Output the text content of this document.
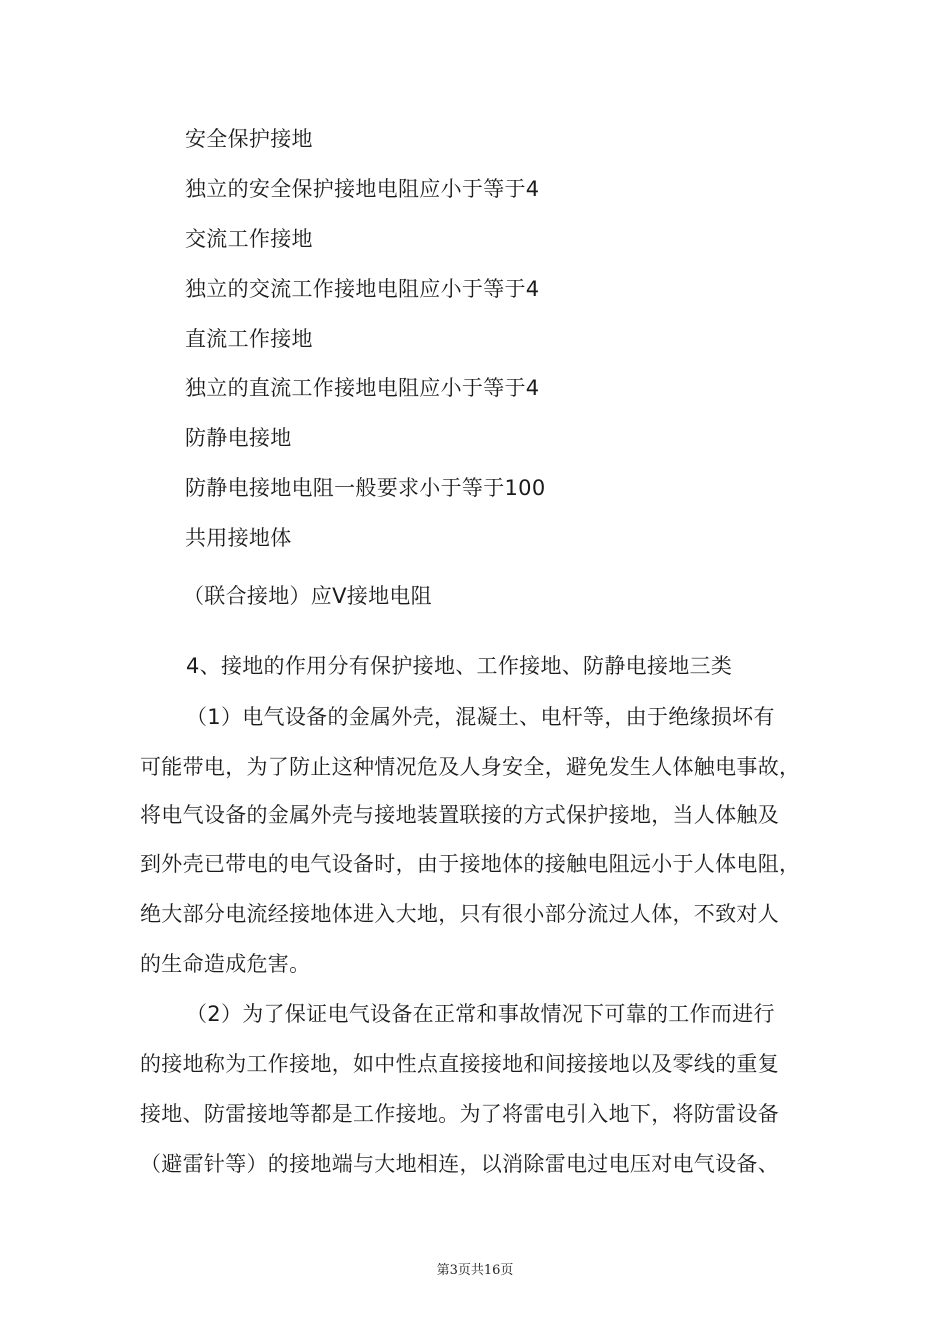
安全保护接地
独立的安全保护接地电阻应小于等于4
交流工作接地
独立的交流工作接地电阻应小于等于4
直流工作接地
独立的直流工作接地电阻应小于等于4
防静电接地
防静电接地电阻一般要求小于等于100
共用接地体
（联合接地）应Ⅴ接地电阻
4、接地的作用分有保护接地、工作接地、防静电接地三类
（1）电气设备的金属外壳，混凝土、电杆等，由于绝缘损坏有
可能带电，为了防止这种情况危及人身安全，避免发生人体触电事故，
将电气设备的金属外壳与接地装置联接的方式保护接地，当人体触及
到外壳已带电的电气设备时，由于接地体的接触电阻远小于人体电阻，
绝大部分电流经接地体进入大地，只有很小部分流过人体，不致对人
的生命造成危害。
（2）为了保证电气设备在正常和事故情况下可靠的工作而进行
的接地称为工作接地，如中性点直接接地和间接接地以及零线的重复
接地、防雷接地等都是工作接地。为了将雷电引入地下，将防雷设备
（避雷针等）的接地端与大地相连，以消除雷电过电压对电气设备、
第3页共16页
